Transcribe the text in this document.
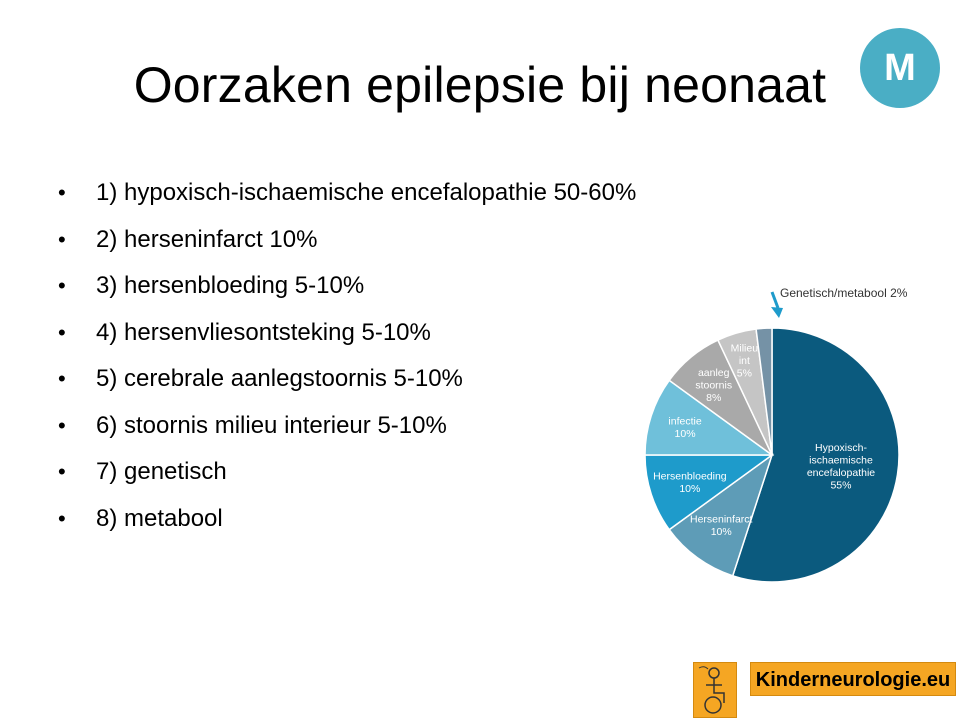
Oorzaken epilepsie bij neonaat	M
• 1) hypoxisch-ischaemische encefalopathie 50-60%
• 2) herseninfarct 10%
• 3) hersenbloeding 5-10%
• 4) hersenvliesontsteking 5-10%
• 5) cerebrale aanlegstoornis 5-10%
• 6) stoornis milieu interieur 5-10%
• 7) genetisch
• 8) metabool
Hypoxisch-ischaemische encefalopathie 55%
Herseninfarct 10%
Hersenbloeding 10%
infectie 10%
aanleg stoornis 8%
Milieu int 5%
Genetisch/metabool 2%
Kinderneurologie.eu
